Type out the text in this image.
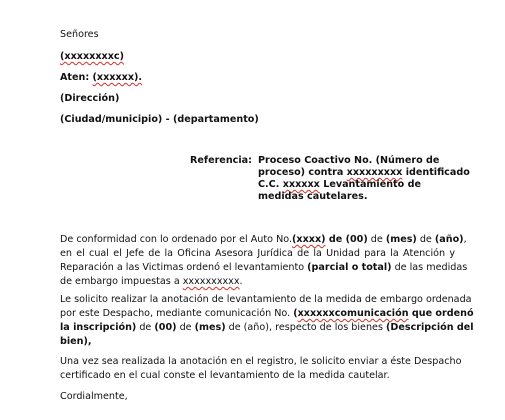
Señores
(xxxxxxxxc)
Aten: (xxxxxx).
(Dirección)
(Ciudad/municipio) - (departamento)
Referencia: Proceso Coactivo No. (Número de
proceso) contra xxxxxxxxx identificado
C.C. xxxxxx Levantamiento de
medidas cautelares.
De conformidad con lo ordenado por el Auto No.(xxxx) de (00) de (mes) de (año),
en el cual el Jefe de la Oficina Asesora Jurídica de la Unidad para la Atención y
Reparación a las Victimas ordenó el levantamiento (parcial o total) de las medidas
de embargo impuestas a xxxxxxxxxx.
Le solicito realizar la anotación de levantamiento de la medida de embargo ordenada
por este Despacho, mediante comunicación No. (xxxxxxcomunicación que ordenó
la inscripción) de (00) de (mes) de (año), respecto de los bienes (Descripción del
bien),
Una vez sea realizada la anotación en el registro, le solicito enviar a éste Despacho
certificado en el cual conste el levantamiento de la medida cautelar.
Cordialmente,
